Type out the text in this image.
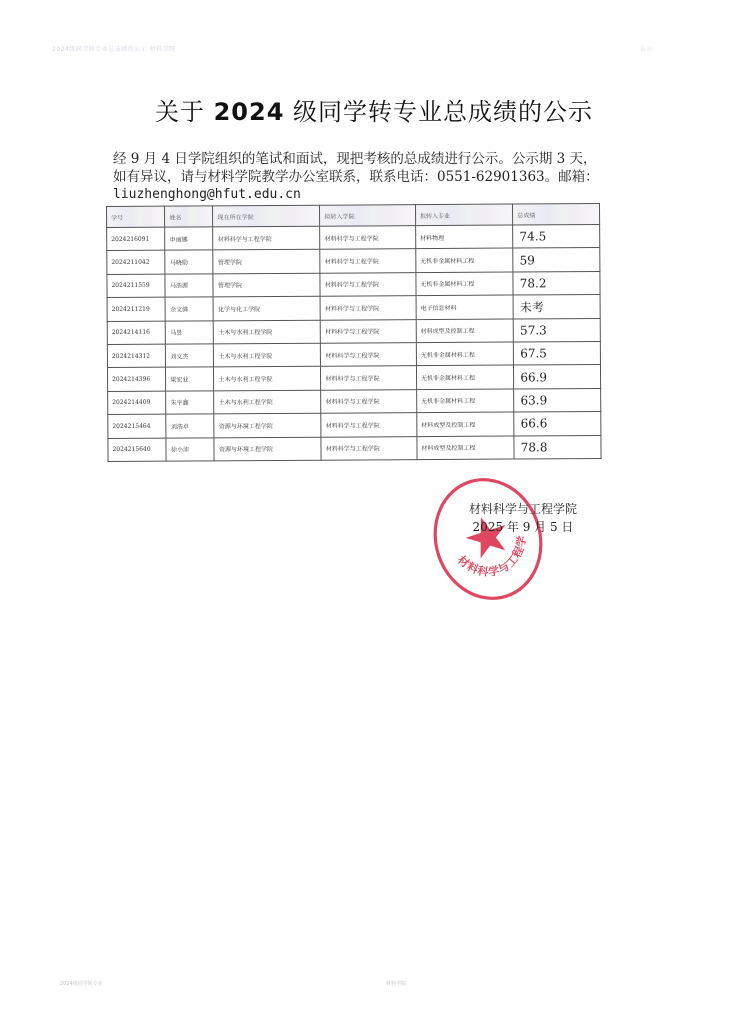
2024级同学转专业总成绩的公示 材料学院	公示
关于 2024 级同学转专业总成绩的公示
经 9 月 4 日学院组织的笔试和面试，现把考核的总成绩进行公示。公示期 3 天，
如有异议，请与材料学院教学办公室联系，联系电话：0551-62901363。邮箱：
liuzhenghong@hfut.edu.cn
学号	姓名	现在所在学院	拟转入学院	拟转入专业	总成绩
2024216091	申丽娜	材料科学与工程学院	材料科学与工程学院	材料物理	74.5
2024211042	马晓励	管理学院	材料科学与工程学院	无机非金属材料工程	59
2024211559	马浩源	管理学院	材料科学与工程学院	无机非金属材料工程	78.2
2024211219	余文骅	化学与化工学院	材料科学与工程学院	电子信息材料	未考
2024214116	马昱	土木与水利工程学院	材料科学与工程学院	材料成型及控制工程	57.3
2024214312	刘文杰	土木与水利工程学院	材料科学与工程学院	无机非金属材料工程	67.5
2024214396	梁宏业	土木与水利工程学院	材料科学与工程学院	无机非金属材料工程	66.9
2024214409	朱宇鑫	土木与水利工程学院	材料科学与工程学院	无机非金属材料工程	63.9
2024215464	刘浩卓	资源与环境工程学院	材料科学与工程学院	材料成型及控制工程	66.6
2024215640	徐小沛	资源与环境工程学院	材料科学与工程学院	材料成型及控制工程	78.8
材料科学与工程学院
材料科学与工程学院
2025 年 9 月 5 日
2024级同学转专业	材料学院
